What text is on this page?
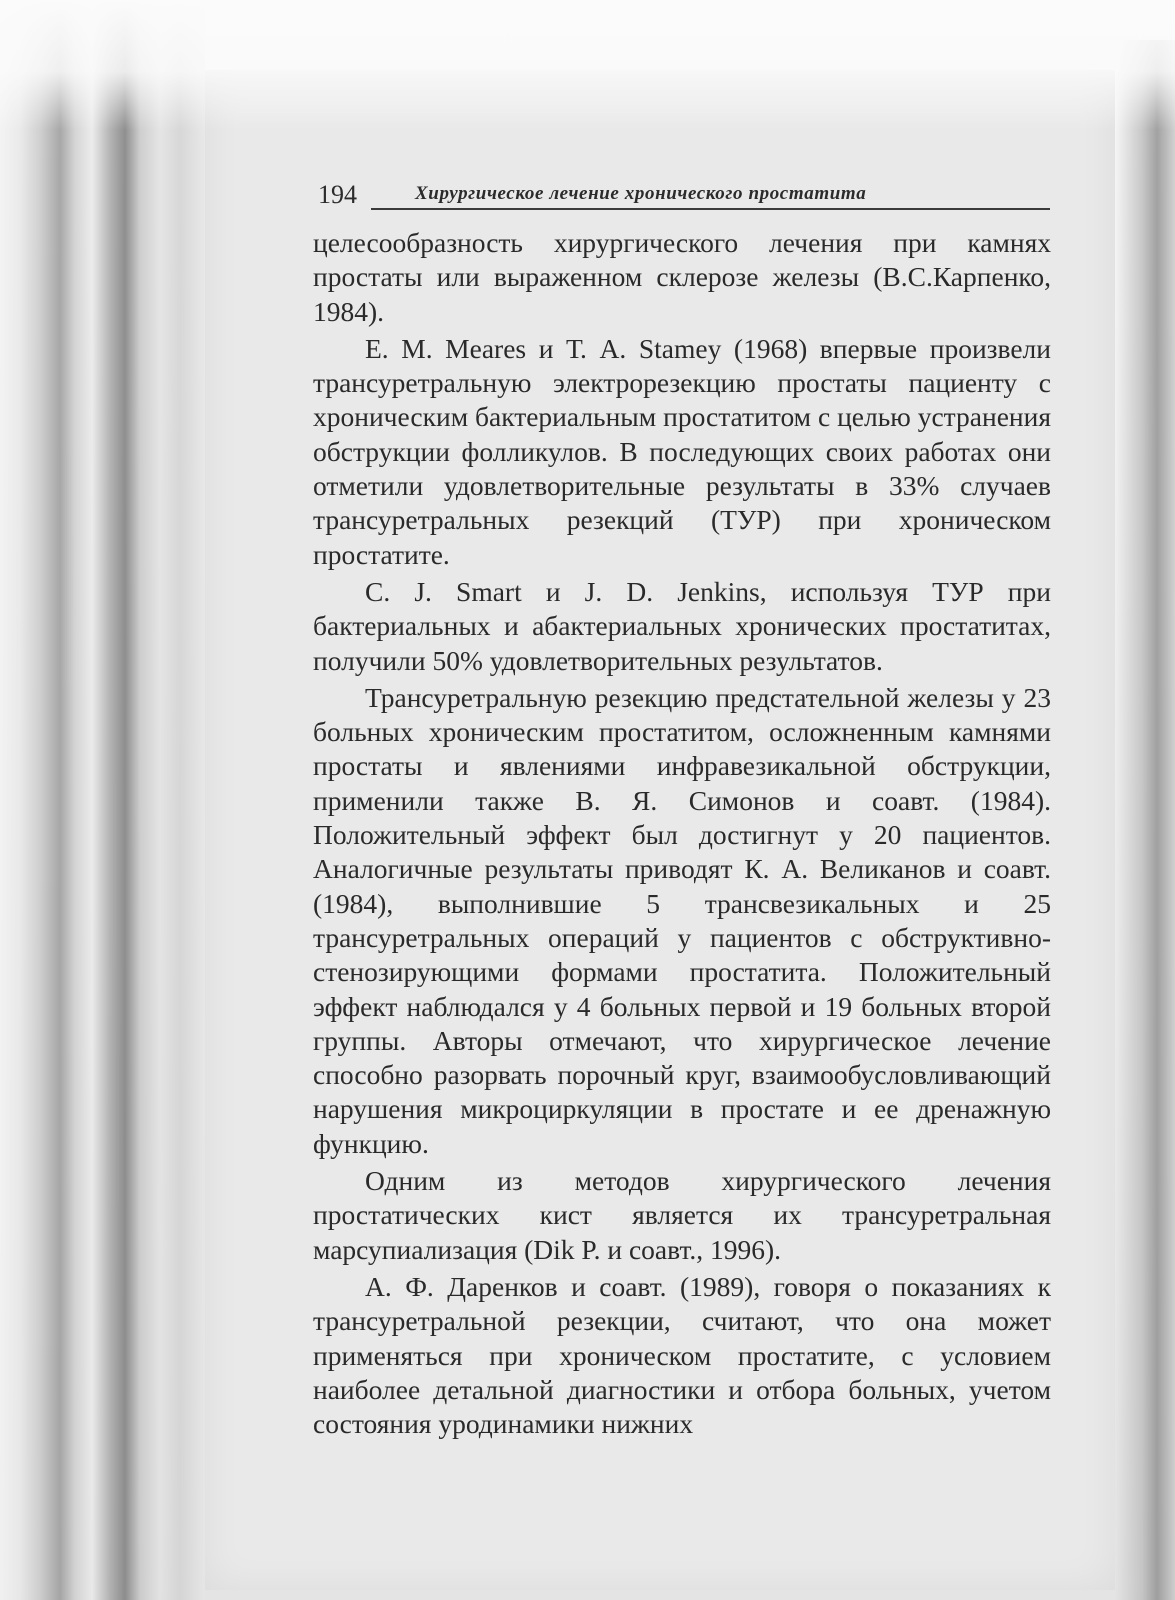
194	Хирургическое лечение хронического простатита

целесообразность хирургического лечения при камнях простаты или выраженном склерозе железы (В.С.Карпенко, 1984).

Е. М. Meares и Т. A. Stamey (1968) впервые произвели трансуретральную электрорезекцию простаты пациенту с хроническим бактериальным простатитом с целью устранения обструкции фолликулов. В последующих своих работах они отметили удовлетворительные результаты в 33% случаев трансуретральных резекций (ТУР) при хроническом простатите.

С. J. Smart и J. D. Jenkins, используя ТУР при бактериальных и абактериальных хронических простатитах, получили 50% удовлетворительных результатов.

Трансуретральную резекцию предстательной железы у 23 больных хроническим простатитом, осложненным камнями простаты и явлениями инфравезикальной обструкции, применили также В. Я. Симонов и соавт. (1984). Положительный эффект был достигнут у 20 пациентов. Аналогичные результаты приводят К. А. Великанов и соавт. (1984), выполнившие 5 трансвезикальных и 25 трансуретральных операций у пациентов с обструктивно-стенозирующими формами простатита. Положительный эффект наблюдался у 4 больных первой и 19 больных второй группы. Авторы отмечают, что хирургическое лечение способно разорвать порочный круг, взаимообусловливающий нарушения микроциркуляции в простате и ее дренажную функцию.

Одним из методов хирургического лечения простатических кист является их трансуретральная марсупиализация (Dik P. и соавт., 1996).

А. Ф. Даренков и соавт. (1989), говоря о показаниях к трансуретральной резекции, считают, что она может применяться при хроническом простатите, с условием наиболее детальной диагностики и отбора больных, учетом состояния уродинамики нижних
